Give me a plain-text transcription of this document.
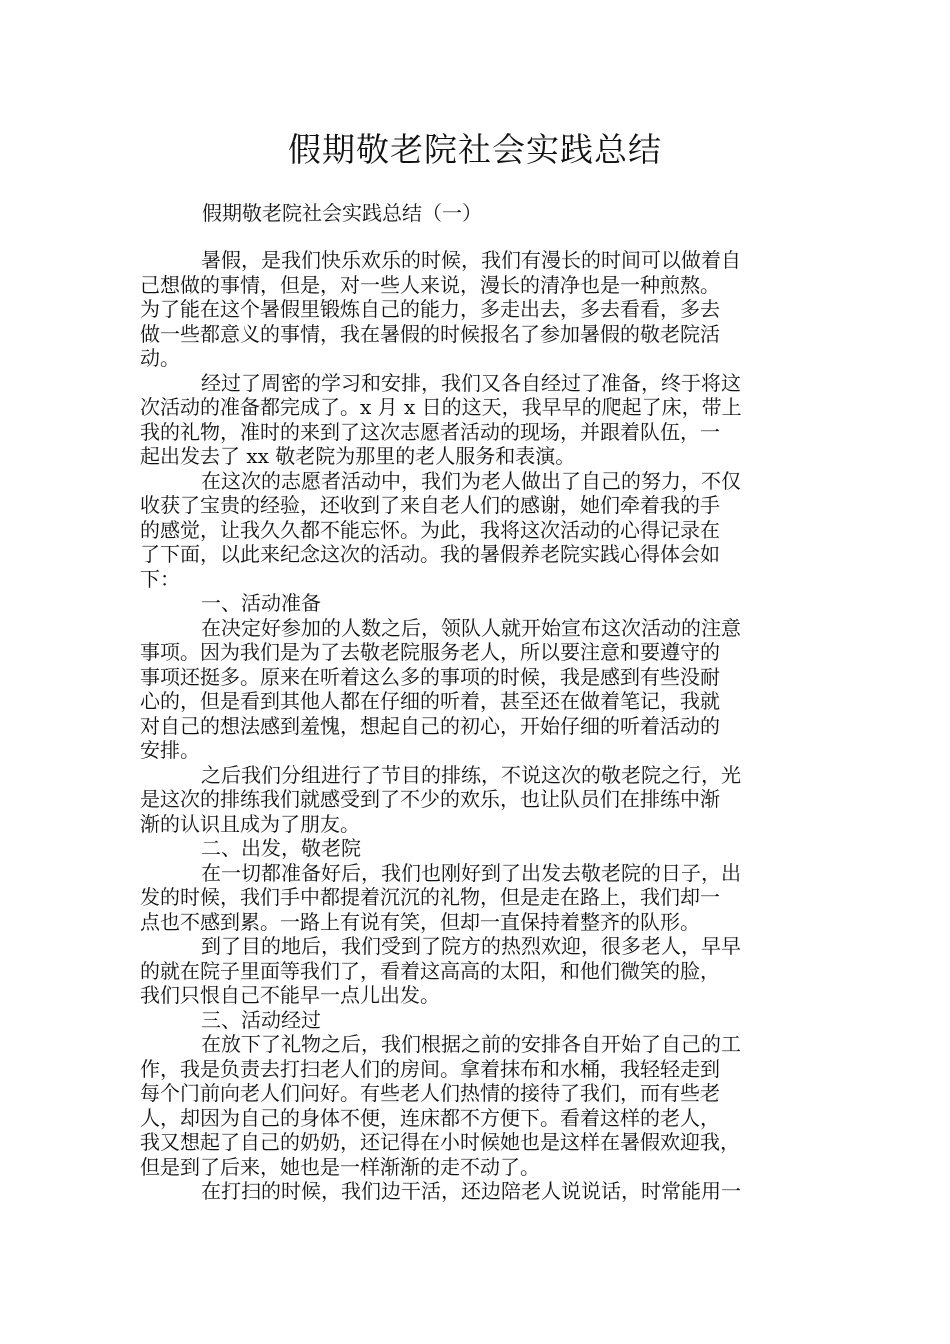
假期敬老院社会实践总结

假期敬老院社会实践总结（一）

暑假，是我们快乐欢乐的时候，我们有漫长的时间可以做着自
己想做的事情，但是，对一些人来说，漫长的清净也是一种煎熬。
为了能在这个暑假里锻炼自己的能力，多走出去，多去看看，多去
做一些都意义的事情，我在暑假的时候报名了参加暑假的敬老院活
动。
经过了周密的学习和安排，我们又各自经过了准备，终于将这
次活动的准备都完成了。x 月 x 日的这天，我早早的爬起了床，带上
我的礼物，准时的来到了这次志愿者活动的现场，并跟着队伍，一
起出发去了 xx 敬老院为那里的老人服务和表演。
在这次的志愿者活动中，我们为老人做出了自己的努力，不仅
收获了宝贵的经验，还收到了来自老人们的感谢，她们牵着我的手
的感觉，让我久久都不能忘怀。为此，我将这次活动的心得记录在
了下面，以此来纪念这次的活动。我的暑假养老院实践心得体会如
下：
一、活动准备
在决定好参加的人数之后，领队人就开始宣布这次活动的注意
事项。因为我们是为了去敬老院服务老人，所以要注意和要遵守的
事项还挺多。原来在听着这么多的事项的时候，我是感到有些没耐
心的，但是看到其他人都在仔细的听着，甚至还在做着笔记，我就
对自己的想法感到羞愧，想起自己的初心，开始仔细的听着活动的
安排。
之后我们分组进行了节目的排练，不说这次的敬老院之行，光
是这次的排练我们就感受到了不少的欢乐，也让队员们在排练中渐
渐的认识且成为了朋友。
二、出发，敬老院
在一切都准备好后，我们也刚好到了出发去敬老院的日子，出
发的时候，我们手中都提着沉沉的礼物，但是走在路上，我们却一
点也不感到累。一路上有说有笑，但却一直保持着整齐的队形。
到了目的地后，我们受到了院方的热烈欢迎，很多老人，早早
的就在院子里面等我们了，看着这高高的太阳，和他们微笑的脸，
我们只恨自己不能早一点儿出发。
三、活动经过
在放下了礼物之后，我们根据之前的安排各自开始了自己的工
作，我是负责去打扫老人们的房间。拿着抹布和水桶，我轻轻走到
每个门前向老人们问好。有些老人们热情的接待了我们，而有些老
人，却因为自己的身体不便，连床都不方便下。看着这样的老人，
我又想起了自己的奶奶，还记得在小时候她也是这样在暑假欢迎我，
但是到了后来，她也是一样渐渐的走不动了。
在打扫的时候，我们边干活，还边陪老人说说话，时常能用一
